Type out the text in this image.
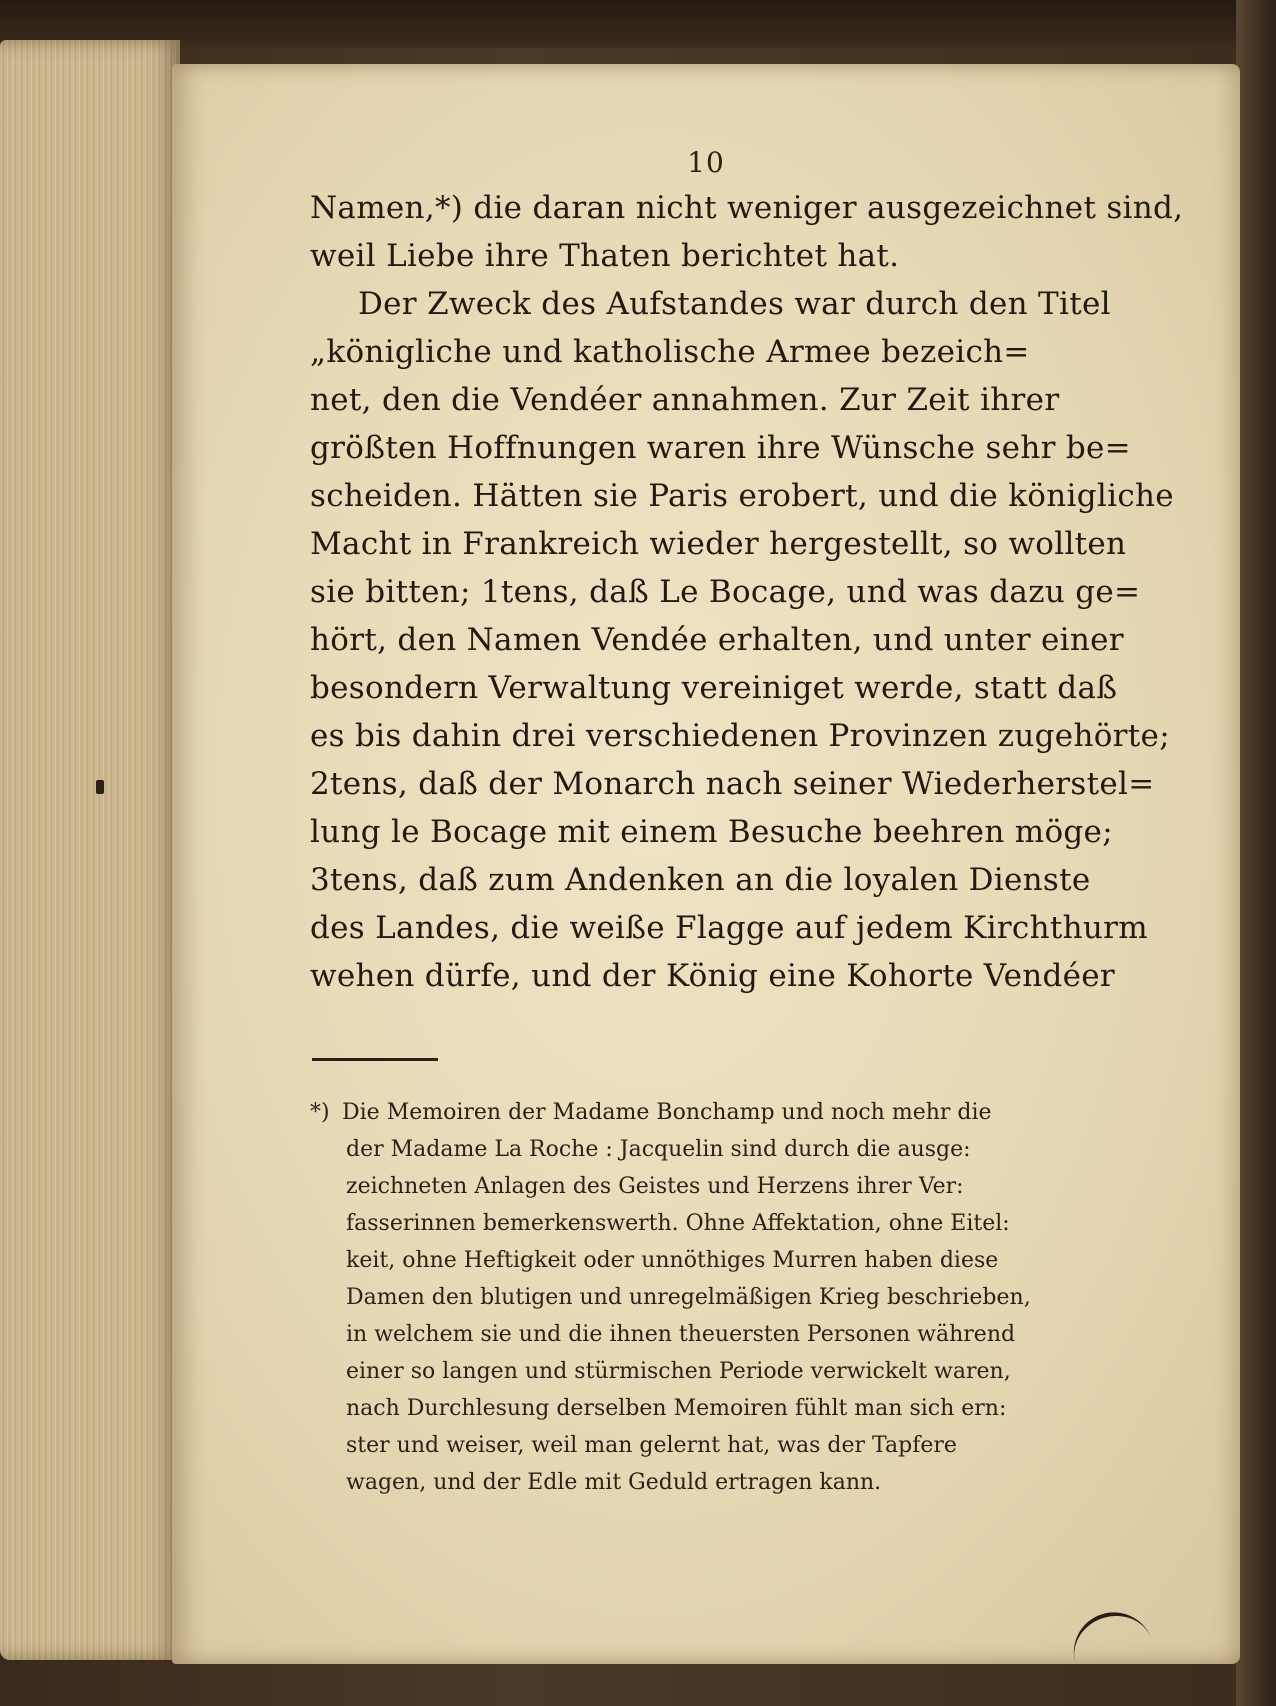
10
Namen,*) die daran nicht weniger ausgezeichnet sind,
weil Liebe ihre Thaten berichtet hat.
Der Zweck des Aufstandes war durch den Titel
„königliche und katholische Armee bezeich=
net, den die Vendéer annahmen. Zur Zeit ihrer
größten Hoffnungen waren ihre Wünsche sehr be=
scheiden. Hätten sie Paris erobert, und die königliche
Macht in Frankreich wieder hergestellt, so wollten
sie bitten; 1tens, daß Le Bocage, und was dazu ge=
hört, den Namen Vendée erhalten, und unter einer
besondern Verwaltung vereiniget werde, statt daß
es bis dahin drei verschiedenen Provinzen zugehörte;
2tens, daß der Monarch nach seiner Wiederherstel=
lung le Bocage mit einem Besuche beehren möge;
3tens, daß zum Andenken an die loyalen Dienste
des Landes, die weiße Flagge auf jedem Kirchthurm
wehen dürfe, und der König eine Kohorte Vendéer
*) Die Memoiren der Madame Bonchamp und noch mehr die
der Madame La Roche : Jacquelin sind durch die ausge:
zeichneten Anlagen des Geistes und Herzens ihrer Ver:
fasserinnen bemerkenswerth. Ohne Affektation, ohne Eitel:
keit, ohne Heftigkeit oder unnöthiges Murren haben diese
Damen den blutigen und unregelmäßigen Krieg beschrieben,
in welchem sie und die ihnen theuersten Personen während
einer so langen und stürmischen Periode verwickelt waren,
nach Durchlesung derselben Memoiren fühlt man sich ern:
ster und weiser, weil man gelernt hat, was der Tapfere
wagen, und der Edle mit Geduld ertragen kann.
